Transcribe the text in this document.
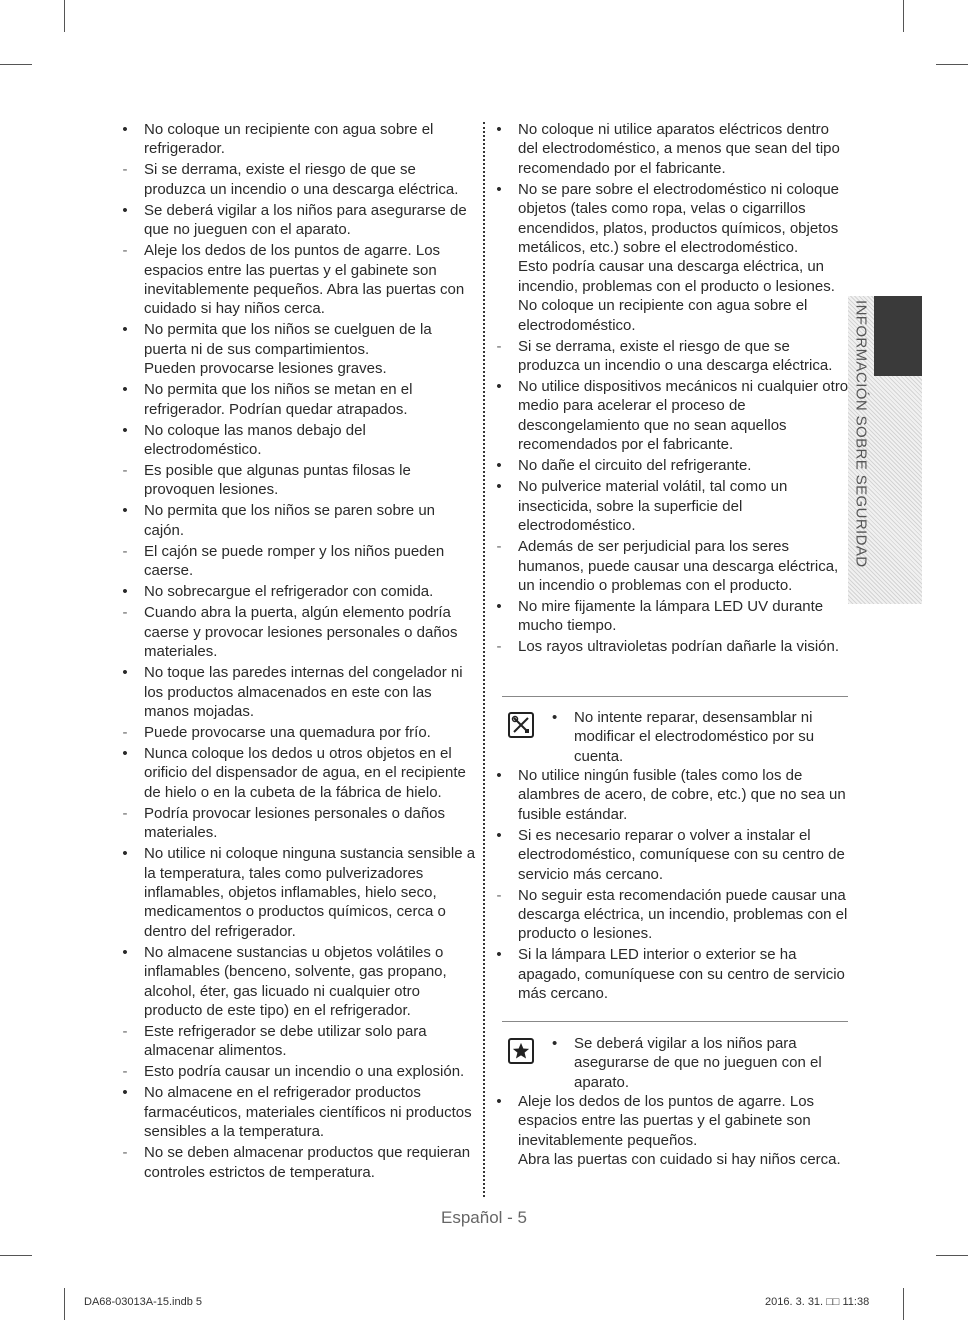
• No coloque un recipiente con agua sobre el refrigerador.
-	Si se derrama, existe el riesgo de que se produzca un incendio o una descarga eléctrica.
• Se deberá vigilar a los niños para asegurarse de que no jueguen con el aparato.
-	Aleje los dedos de los puntos de agarre. Los espacios entre las puertas y el gabinete son inevitablemente pequeños. Abra las puertas con cuidado si hay niños cerca.
• No permita que los niños se cuelguen de la puerta ni de sus compartimientos.
Pueden provocarse lesiones graves.
• No permita que los niños se metan en el refrigerador. Podrían quedar atrapados.
• No coloque las manos debajo del electrodoméstico.
-	Es posible que algunas puntas filosas le provoquen lesiones.
• No permita que los niños se paren sobre un cajón.
-	El cajón se puede romper y los niños pueden caerse.
• No sobrecargue el refrigerador con comida.
-	Cuando abra la puerta, algún elemento podría caerse y provocar lesiones personales o daños materiales.
• No toque las paredes internas del congelador ni los productos almacenados en este con las manos mojadas.
-	Puede provocarse una quemadura por frío.
• Nunca coloque los dedos u otros objetos en el orificio del dispensador de agua, en el recipiente de hielo o en la cubeta de la fábrica de hielo.
-	Podría provocar lesiones personales o daños materiales.
• No utilice ni coloque ninguna sustancia sensible a la temperatura, tales como pulverizadores inflamables, objetos inflamables, hielo seco, medicamentos o productos químicos, cerca o dentro del refrigerador.
• No almacene sustancias u objetos volátiles o inflamables (benceno, solvente, gas propano, alcohol, éter, gas licuado ni cualquier otro producto de este tipo) en el refrigerador.
-	Este refrigerador se debe utilizar solo para almacenar alimentos.
-	Esto podría causar un incendio o una explosión.
• No almacene en el refrigerador productos farmacéuticos, materiales científicos ni productos sensibles a la temperatura.
-	No se deben almacenar productos que requieran controles estrictos de temperatura.
• No coloque ni utilice aparatos eléctricos dentro del electrodoméstico, a menos que sean del tipo recomendado por el fabricante.
• No se pare sobre el electrodoméstico ni coloque objetos (tales como ropa, velas o cigarrillos encendidos, platos, productos químicos, objetos metálicos, etc.) sobre el electrodoméstico.
Esto podría causar una descarga eléctrica, un incendio, problemas con el producto o lesiones.
No coloque un recipiente con agua sobre el electrodoméstico.
-	Si se derrama, existe el riesgo de que se produzca un incendio o una descarga eléctrica.
• No utilice dispositivos mecánicos ni cualquier otro medio para acelerar el proceso de descongelamiento que no sean aquellos recomendados por el fabricante.
• No dañe el circuito del refrigerante.
• No pulverice material volátil, tal como un insecticida, sobre la superficie del electrodoméstico.
-	Además de ser perjudicial para los seres humanos, puede causar una descarga eléctrica, un incendio o problemas con el producto.
• No mire fijamente la lámpara LED UV durante mucho tiempo.
-	Los rayos ultravioletas podrían dañarle la visión.
•	No intente reparar, desensamblar ni modificar el electrodoméstico por su cuenta.
• No utilice ningún fusible (tales como los de alambres de acero, de cobre, etc.) que no sea un fusible estándar.
• Si es necesario reparar o volver a instalar el electrodoméstico, comuníquese con su centro de servicio más cercano.
-	No seguir esta recomendación puede causar una descarga eléctrica, un incendio, problemas con el producto o lesiones.
• Si la lámpara LED interior o exterior se ha apagado, comuníquese con su centro de servicio más cercano.
•	Se deberá vigilar a los niños para asegurarse de que no jueguen con el aparato.
• Aleje los dedos de los puntos de agarre. Los espacios entre las puertas y el gabinete son inevitablemente pequeños.
Abra las puertas con cuidado si hay niños cerca.
INFORMACIÓN SOBRE SEGURIDAD
Español - 5
DA68-03013A-15.indb 5	2016. 3. 31. □□ 11:38
